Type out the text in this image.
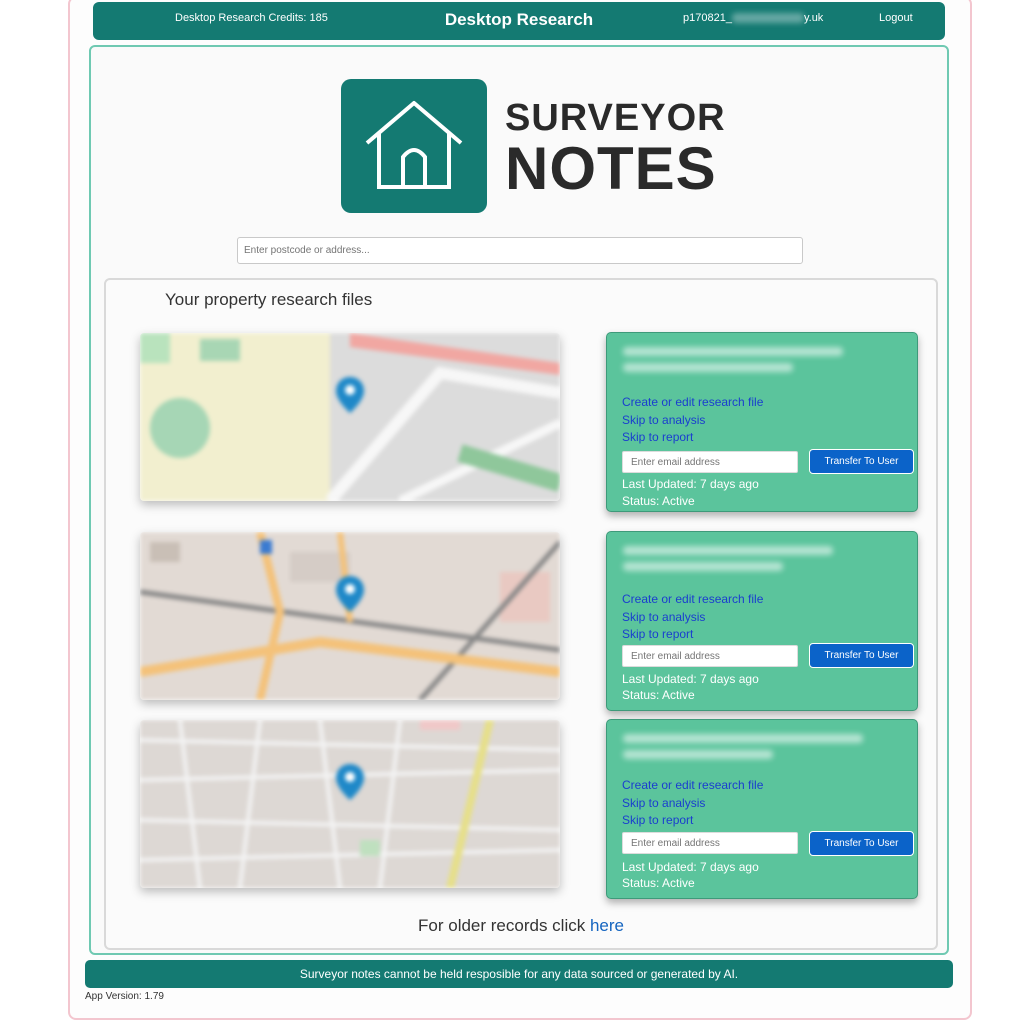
Desktop Research Credits: 185	Desktop Research	p170821_	y.uk	Logout
SURVEYOR
NOTES
Enter postcode or address...
Your property research files
Create or edit research file
Skip to analysis
Skip to report
Enter email address
Transfer To User
Last Updated: 7 days ago
Status: Active
Create or edit research file
Skip to analysis
Skip to report
Enter email address
Transfer To User
Last Updated: 7 days ago
Status: Active
Create or edit research file
Skip to analysis
Skip to report
Enter email address
Transfer To User
Last Updated: 7 days ago
Status: Active
For older records click here
Surveyor notes cannot be held resposible for any data sourced or generated by AI.
App Version: 1.79
